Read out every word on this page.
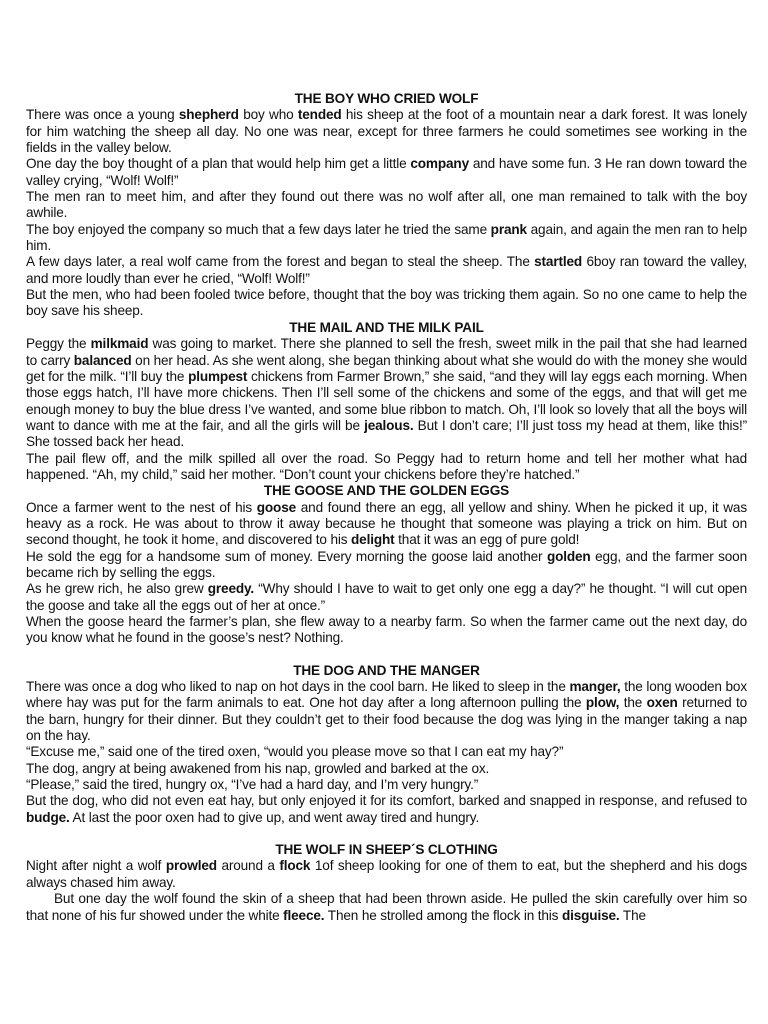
THE BOY WHO CRIED WOLF

There was once a young shepherd boy who tended his sheep at the foot of a mountain near a dark forest. It was lonely for him watching the sheep all day. No one was near, except for three farmers he could sometimes see working in the fields in the valley below.

One day the boy thought of a plan that would help him get a little company and have some fun. 3 He ran down toward the valley crying, “Wolf! Wolf!”

The men ran to meet him, and after they found out there was no wolf after all, one man remained to talk with the boy awhile.

The boy enjoyed the company so much that a few days later he tried the same prank again, and again the men ran to help him.

A few days later, a real wolf came from the forest and began to steal the sheep. The startled 6boy ran toward the valley, and more loudly than ever he cried, “Wolf! Wolf!”

But the men, who had been fooled twice before, thought that the boy was tricking them again. So no one came to help the boy save his sheep.

THE MAIL AND THE MILK PAIL

Peggy the milkmaid was going to market. There she planned to sell the fresh, sweet milk in the pail that she had learned to carry balanced on her head. As she went along, she began thinking about what she would do with the money she would get for the milk. “I’ll buy the plumpest chickens from Farmer Brown,” she said, “and they will lay eggs each morning. When those eggs hatch, I’ll have more chickens. Then I’ll sell some of the chickens and some of the eggs, and that will get me enough money to buy the blue dress I’ve wanted, and some blue ribbon to match. Oh, I’ll look so lovely that all the boys will want to dance with me at the fair, and all the girls will be jealous. But I don’t care; I’ll just toss my head at them, like this!” She tossed back her head.

The pail flew off, and the milk spilled all over the road. So Peggy had to return home and tell her mother what had happened. “Ah, my child,” said her mother. “Don’t count your chickens before they’re hatched.”

THE GOOSE AND THE GOLDEN EGGS

Once a farmer went to the nest of his goose and found there an egg, all yellow and shiny. When he picked it up, it was heavy as a rock. He was about to throw it away because he thought that someone was playing a trick on him. But on second thought, he took it home, and discovered to his delight that it was an egg of pure gold!

He sold the egg for a handsome sum of money. Every morning the goose laid another golden egg, and the farmer soon became rich by selling the eggs.

As he grew rich, he also grew greedy. “Why should I have to wait to get only one egg a day?” he thought. “I will cut open the goose and take all the eggs out of her at once.”

When the goose heard the farmer’s plan, she flew away to a nearby farm. So when the farmer came out the next day, do you know what he found in the goose’s nest? Nothing.

THE DOG AND THE MANGER

There was once a dog who liked to nap on hot days in the cool barn. He liked to sleep in the manger, the long wooden box where hay was put for the farm animals to eat. One hot day after a long afternoon pulling the plow, the oxen returned to the barn, hungry for their dinner. But they couldn’t get to their food because the dog was lying in the manger taking a nap on the hay.

“Excuse me,” said one of the tired oxen, “would you please move so that I can eat my hay?”

The dog, angry at being awakened from his nap, growled and barked at the ox.

“Please,” said the tired, hungry ox, “I’ve had a hard day, and I’m very hungry.”

But the dog, who did not even eat hay, but only enjoyed it for its comfort, barked and snapped in response, and refused to budge. At last the poor oxen had to give up, and went away tired and hungry.

THE WOLF IN SHEEP´S CLOTHING

Night after night a wolf prowled around a flock 1of sheep looking for one of them to eat, but the shepherd and his dogs always chased him away.

But one day the wolf found the skin of a sheep that had been thrown aside. He pulled the skin carefully over him so that none of his fur showed under the white fleece. Then he strolled among the flock in this disguise. The
